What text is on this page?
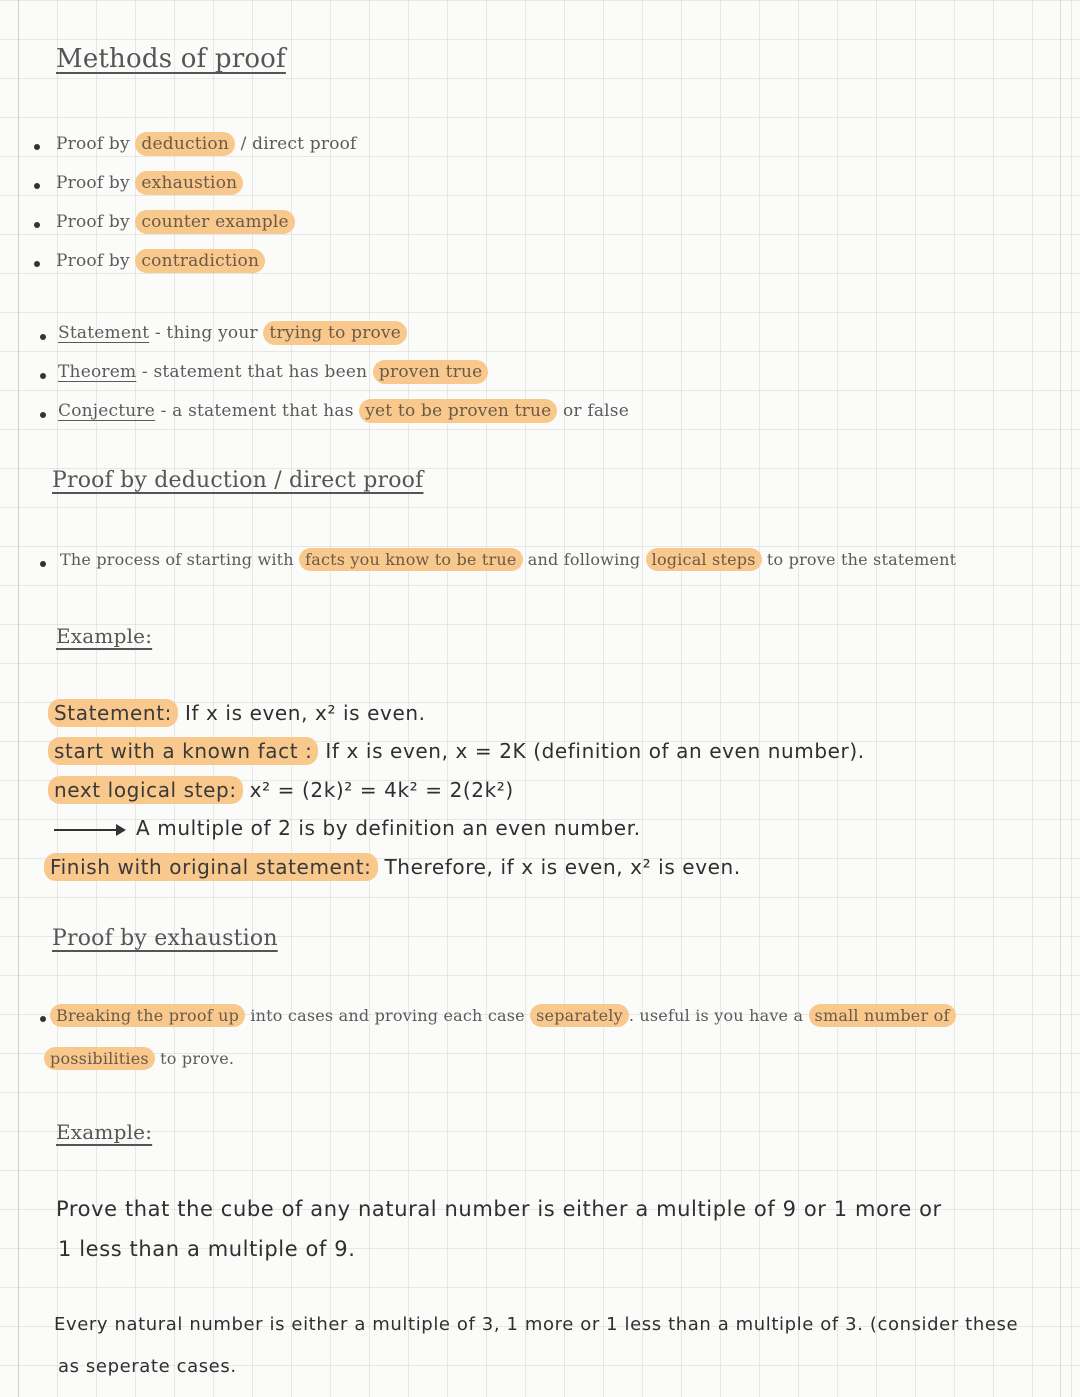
Methods of proof
Proof by deduction / direct proof
Proof by exhaustion
Proof by counter example
Proof by contradiction
Statement - thing your trying to prove
Theorem - statement that has been proven true
Conjecture - a statement that has yet to be proven true or false
Proof by deduction / direct proof
The process of starting with facts you know to be true and following logical steps to prove the statement
Example:
Statement: If x is even, x² is even.
start with a known fact : If x is even, x = 2K (definition of an even number).
next logical step: x² = (2k)² = 4k² = 2(2k²)
A multiple of 2 is by definition an even number.
Finish with original statement: Therefore, if x is even, x² is even.
Proof by exhaustion
Breaking the proof up into cases and proving each case separately . useful is you have a small number of
possibilities to prove.
Example:
Prove that the cube of any natural number is either a multiple of 9 or 1 more or
1 less than a multiple of 9.
Every natural number is either a multiple of 3, 1 more or 1 less than a multiple of 3. (consider these
as seperate cases.
